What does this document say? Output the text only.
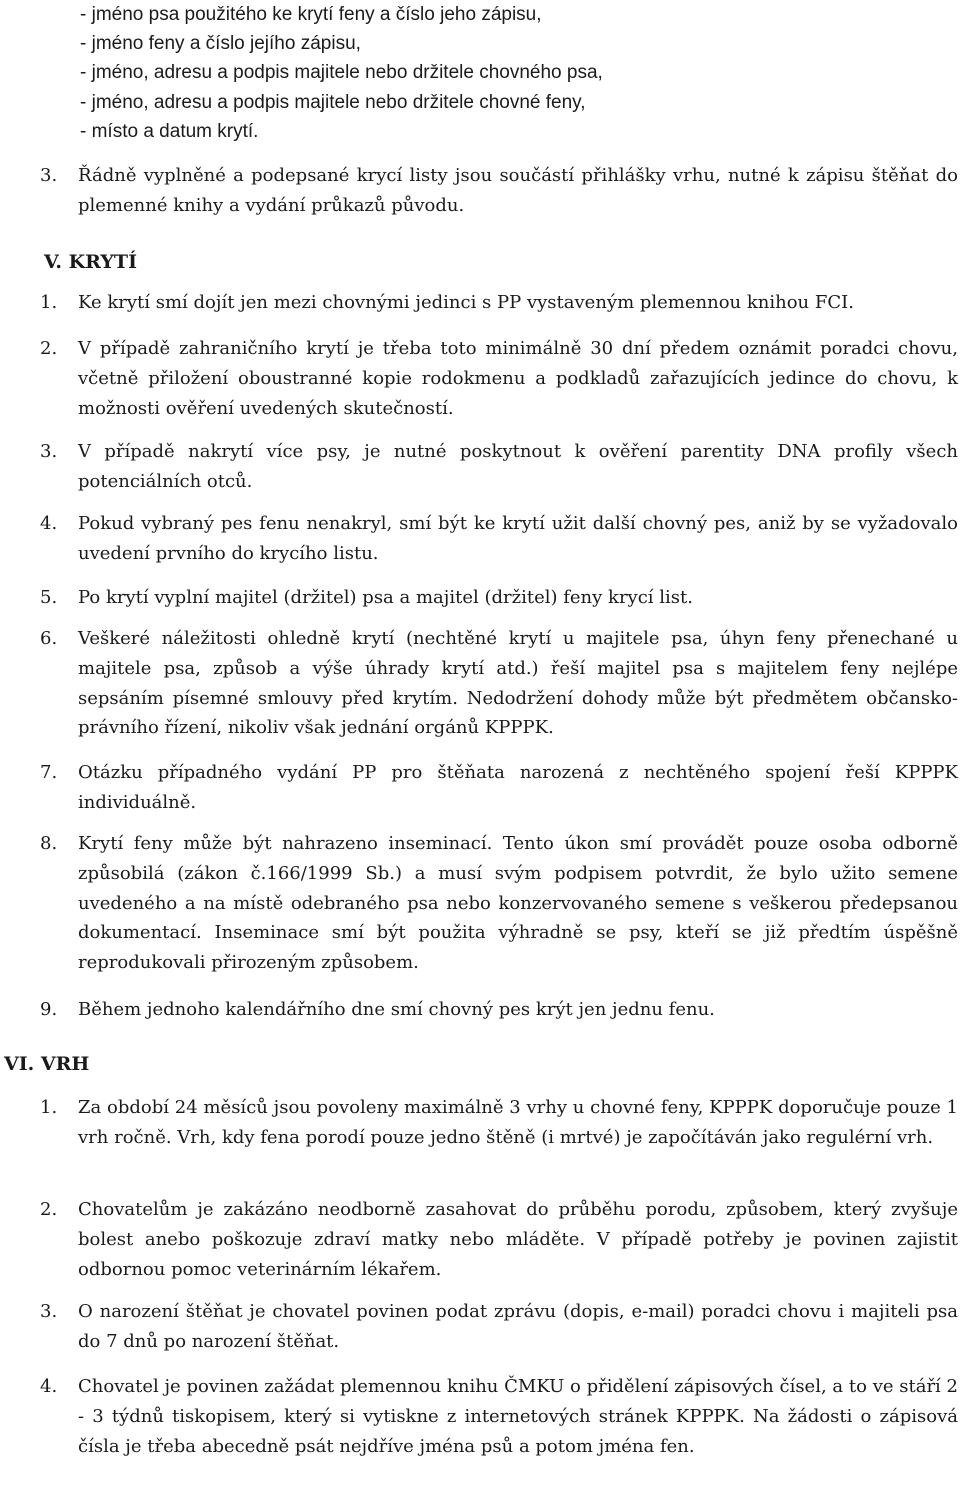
- jméno psa použitého ke krytí feny a číslo jeho zápisu,
- jméno feny a číslo jejího zápisu,
- jméno, adresu a podpis majitele nebo držitele chovného psa,
- jméno, adresu a podpis majitele nebo držitele chovné feny,
- místo a datum krytí.
3. Řádně vyplněné a podepsané krycí listy jsou součástí přihlášky vrhu, nutné k zápisu štěňat do plemenné knihy a vydání průkazů původu.
V. KRYTÍ
1. Ke krytí smí dojít jen mezi chovnými jedinci s PP vystaveným plemennou knihou FCI.
2. V případě zahraničního krytí je třeba toto minimálně 30 dní předem oznámit poradci chovu, včetně přiložení oboustranné kopie rodokmenu a podkladů zařazujících jedince do chovu, k možnosti ověření uvedených skutečností.
3. V případě nakrytí více psy, je nutné poskytnout k ověření parentity DNA profily všech potenciálních otců.
4. Pokud vybraný pes fenu nenakryl, smí být ke krytí užit další chovný pes, aniž by se vyžadovalo uvedení prvního do krycího listu.
5. Po krytí vyplní majitel (držitel) psa a majitel (držitel) feny krycí list.
6. Veškeré náležitosti ohledně krytí (nechtěné krytí u majitele psa, úhyn feny přenechané u majitele psa, způsob a výše úhrady krytí atd.) řeší majitel psa s majitelem feny nejlépe sepsáním písemné smlouvy před krytím. Nedodržení dohody může být předmětem občansko-právního řízení, nikoliv však jednání orgánů KPPPK.
7. Otázku případného vydání PP pro štěňata narozená z nechtěného spojení řeší KPPPK individuálně.
8. Krytí feny může být nahrazeno inseminací. Tento úkon smí provádět pouze osoba odborně způsobilá (zákon č.166/1999 Sb.) a musí svým podpisem potvrdit, že bylo užito semene uvedeného a na místě odebraného psa nebo konzervovaného semene s veškerou předepsanou dokumentací. Inseminace smí být použita výhradně se psy, kteří se již předtím úspěšně reprodukovali přirozeným způsobem.
9. Během jednoho kalendářního dne smí chovný pes krýt jen jednu fenu.
VI. VRH
1. Za období 24 měsíců jsou povoleny maximálně 3 vrhy u chovné feny, KPPPK doporučuje pouze 1 vrh ročně. Vrh, kdy fena porodí pouze jedno štěně (i mrtvé) je započítáván jako regulérní vrh.
2. Chovatelům je zakázáno neodborně zasahovat do průběhu porodu, způsobem, který zvyšuje bolest anebo poškozuje zdraví matky nebo mláděte. V případě potřeby je povinen zajistit odbornou pomoc veterinárním lékařem.
3. O narození štěňat je chovatel povinen podat zprávu (dopis, e-mail) poradci chovu i majiteli psa do 7 dnů po narození štěňat.
4. Chovatel je povinen zažádat plemennou knihu ČMKU o přidělení zápisových čísel, a to ve stáří 2 - 3 týdnů tiskopisem, který si vytiskne z internetových stránek KPPPK. Na žádosti o zápisová čísla je třeba abecedně psát nejdříve jména psů a potom jména fen.
